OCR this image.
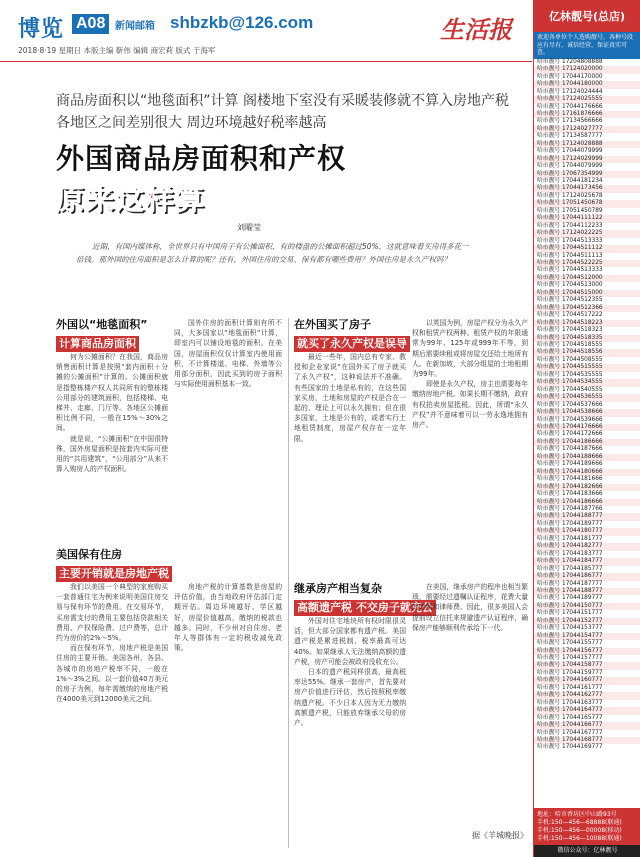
博览 A08 新闻邮箱 shbzkb@126.com	生活报
2018·8·19 星期日 本版主编 靳伟 编辑 商宏莉 版式 于海军
商品房面积以“地毯面积”计算 阁楼地下室没有采暖装修就不算入房地产税各地区之间差别很大 周边环境越好税率越高
外国商品房面积和产权
原来这样算
刘曜莹
近期，有国内媒体称，全世界只有中国房子有公摊面积，有的楼盘的公摊面积超过50%，这就意味着买房得多花一倍钱。那外国的住房面积是怎么计算的呢？还有，外国住房的交易、保有都有哪些费用？外国住房是永久产权吗？
外国以“地毯面积”
计算商品房面积

何为公摊面积？在我国，商品房销售面积计算是按照“套内面积＋分摊的公摊面积”计算的。公摊面积就是指整栋楼产权人共同所有的整栋楼公用部分的建筑面积，包括楼梯、电梯井、走廊、门厅等。各地区公摊面积比例不同，一般在15%～30%之间。

就是说，“公摊面积”在中国很特殊，国外房屋面积是按套内实际可使用的“共用建筑”，“公用部分”从来不算入购房人的产权面积。

国外住房的面积计算则有所不同，大多国家以“地毯面积”计算，即室内可以铺设地毯的面积。在美国，房屋面积仅仅计算室内使用面积，不计算楼道、电梯、外墙等公用部分面积，因此买到的房子面积与实际使用面积基本一致。

美国保有住房
主要开销就是房地产税

我们以美国一个典型的家庭购买一套普通住宅为例来说明美国住房交易与保有环节的费用。在交易环节，买房需支付的费用主要包括贷款相关费用、产权保险费、过户费等，总计约为房价的2%～5%。

而在保有环节，房地产税是美国住房的主要开销。美国各州、各县、各城市的房地产税率不同，一般在1%～3%之间。以一套价值40万美元的房子为例，每年需缴纳的房地产税在4000美元到12000美元之间。

房地产税的计算基数是房屋的评估价值，由当地政府评估部门定期评估。周边环境越好、学区越好，房屋价值越高，缴纳的税款也越多。同时，不少州对自住房、老年人等群体有一定的税收减免政策。

在外国买了房子
就买了永久产权是误导

最近一些年，国内总有专家、教授和企业家说“在国外买了房子就买了永久产权”，这种说法并不准确。有些国家的土地是私有的，在这些国家买房，土地和房屋的产权是合在一起的，理论上可以永久拥有；但在很多国家，土地是公有的，或者实行土地租赁制度，房屋产权存在一定年限。

以英国为例，房屋产权分为永久产权和租赁产权两种。租赁产权的年限通常为99年、125年或999年不等，到期后需要续租或将房屋交还给土地所有人。在新加坡，大部分组屋的土地租期为99年。

即使是永久产权，房主也需要每年缴纳房地产税。如果长期不缴纳，政府有权拍卖房屋抵税。因此，所谓“永久产权”并不意味着可以一劳永逸地拥有房产。

继承房产相当复杂
高额遗产税 不交房子就充公

外国对住宅地块所有权时限很灵活，但大部分国家都有遗产税。美国遗产税是累进税制，税率最高可达40%。如果继承人无法缴纳高额的遗产税，房产可能会被政府没收充公。

日本的遗产税同样很高，最高税率达55%。继承一套房产，首先要对房产价值进行评估，然后按照税率缴纳遗产税。不少日本人因为无力缴纳高额遗产税，只能放弃继承父母的房产。

在美国，继承房产的程序也相当繁琐，需要经过遗嘱认证程序，花费大量的时间和律师费。因此，很多美国人会提前设立信托来规避遗产认证程序，确保房产能够顺利传承给下一代。

据《羊城晚报》
亿林靓号(总店)
欢迎各单位个人选购靓号，各种号段应有尽有，诚信经营，保证真实可查。
哈市靓号 17204808888
哈市靓号 17124020000
哈市靓号 17044170000
哈市靓号 17044180000
哈市靓号 17124024444
哈市靓号 17124025555
哈市靓号 17044176666
哈市靓号 17161876666
哈市靓号 17134566666
哈市靓号 17124027777
哈市靓号 17134587777
哈市靓号 17124028888
哈市靓号 17044079999
哈市靓号 17124029999
哈市靓号 17044079999
哈市靓号 17067354999
哈市靓号 17044181234
哈市靓号 17044173456
哈市靓号 17124025678
哈市靓号 17051450678
哈市靓号 17051450789
哈市靓号 17044111122
哈市靓号 17044112233
哈市靓号 17124022225
哈市靓号 17044513333
哈市靓号 17044511112
哈市靓号 17044511113
哈市靓号 17044522225
哈市靓号 17044513333
哈市靓号 17044512000
哈市靓号 17044513000
哈市靓号 17044515000
哈市靓号 17044512355
哈市靓号 17044512366
哈市靓号 17044517222
哈市靓号 17044518223
哈市靓号 17044518323
哈市靓号 17044518335
哈市靓号 17044518555
哈市靓号 17044518556
哈市靓号 17044508555
哈市靓号 17044515555
哈市靓号 17044535555
哈市靓号 17044534555
哈市靓号 17044540555
哈市靓号 17044536555
哈市靓号 17044537666
哈市靓号 17044538666
哈市靓号 17044539666
哈市靓号 17044176666
哈市靓号 17044172666
哈市靓号 17044186666
哈市靓号 17044187666
哈市靓号 17044188666
哈市靓号 17044189666
哈市靓号 17044180666
哈市靓号 17044181666
哈市靓号 17044182666
哈市靓号 17044183666
哈市靓号 17044186666
哈市靓号 17044187766
哈市靓号 17044188777
哈市靓号 17044189777
哈市靓号 17044180777
哈市靓号 17044181777
哈市靓号 17044182777
哈市靓号 17044183777
哈市靓号 17044184777
哈市靓号 17044185777
哈市靓号 17044186777
哈市靓号 17044187777
哈市靓号 17044188777
哈市靓号 17044189777
哈市靓号 17044150777
哈市靓号 17044151777
哈市靓号 17044152777
哈市靓号 17044153777
哈市靓号 17044154777
哈市靓号 17044155777
哈市靓号 17044156777
哈市靓号 17044157777
哈市靓号 17044158777
哈市靓号 17044159777
哈市靓号 17044160777
哈市靓号 17044161777
哈市靓号 17044162777
哈市靓号 17044163777
哈市靓号 17044164777
哈市靓号 17044165777
哈市靓号 17044166777
哈市靓号 17044167777
哈市靓号 17044168777
哈市靓号 17044169777
地址：哈市香坊区中山路93号
手机:150—456—68888(联通)
手机:150—456—00008(移动)
手机:150—456—10088(联通)
微信公众号：亿林靓号
